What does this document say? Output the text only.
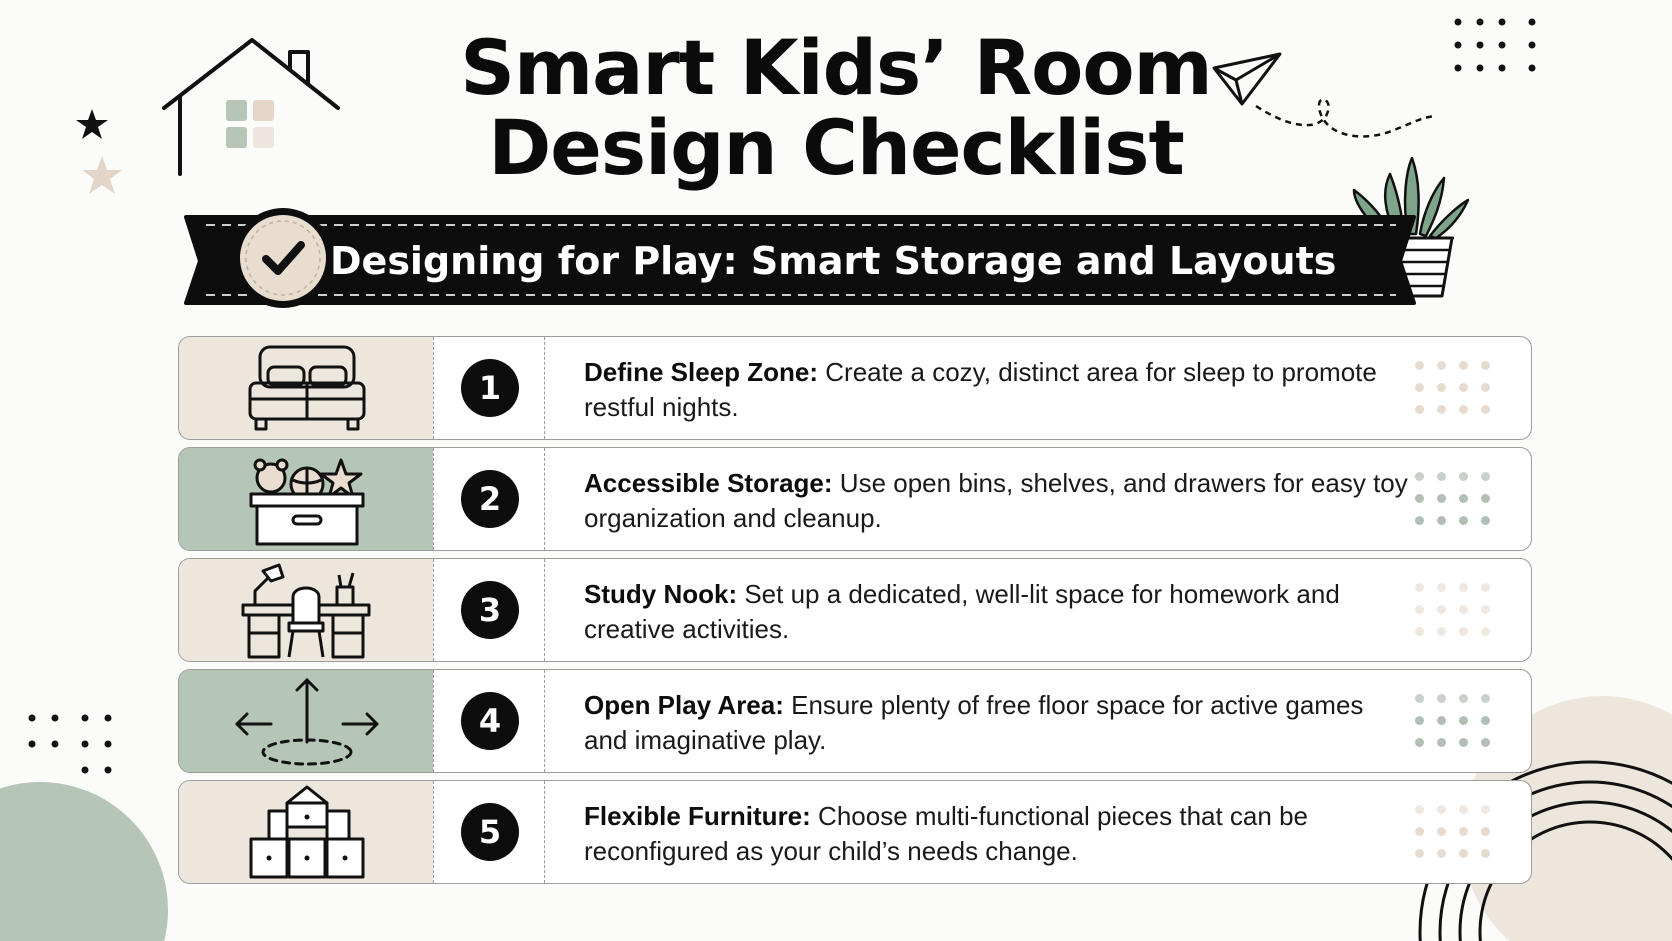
Smart Kids’ Room
Design Checklist
Designing for Play: Smart Storage and Layouts
1	Define Sleep Zone: Create a cozy, distinct area for sleep to promote restful nights.
2	Accessible Storage: Use open bins, shelves, and drawers for easy toy organization and cleanup.
3	Study Nook: Set up a dedicated, well-lit space for homework and creative activities.
4	Open Play Area: Ensure plenty of free floor space for active games and imaginative play.
5	Flexible Furniture: Choose multi-functional pieces that can be reconfigured as your child’s needs change.
